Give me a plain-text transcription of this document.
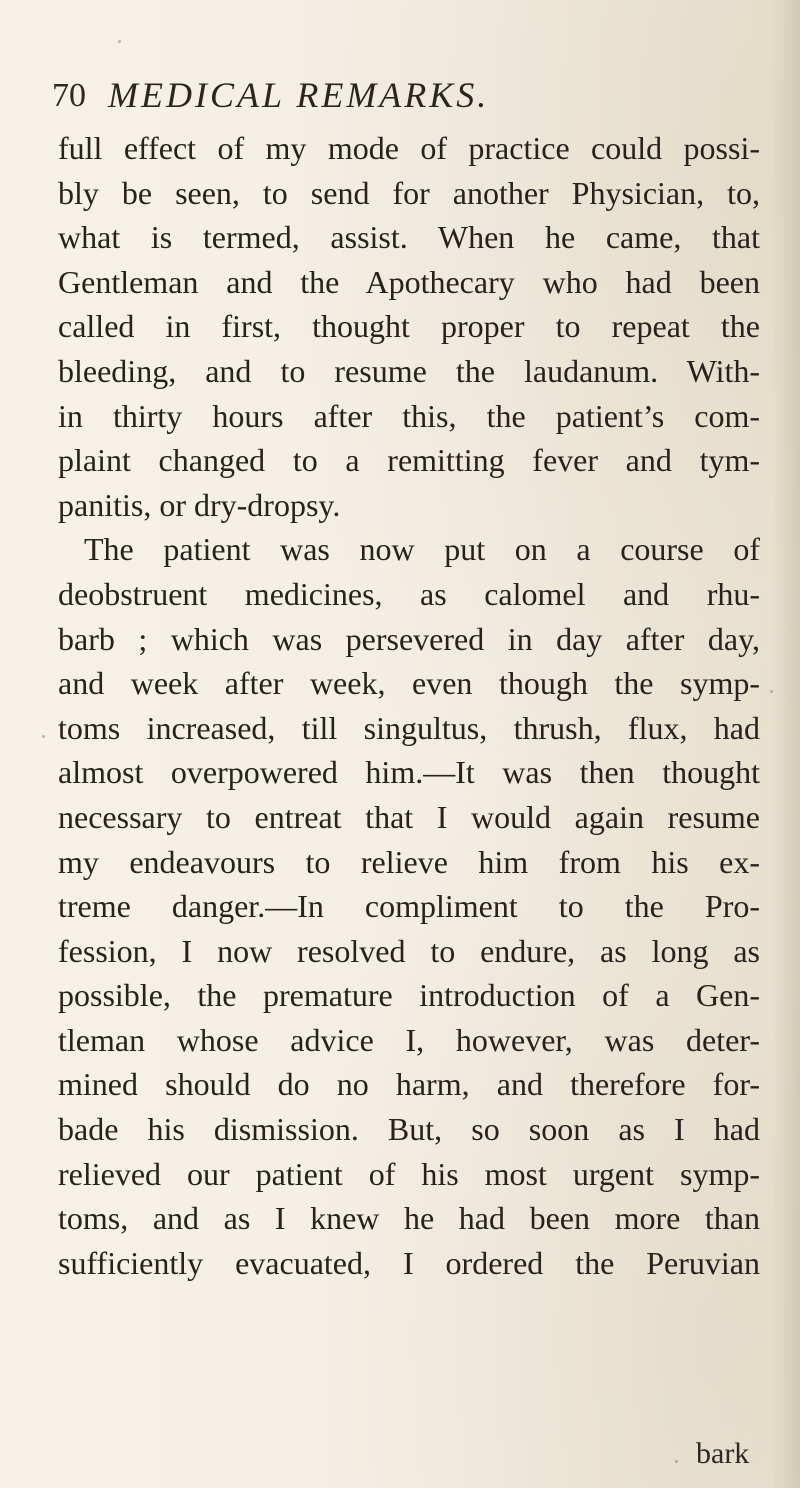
70 MEDICAL REMARKS.
full effect of my mode of practice could possi-
bly be seen, to send for another Physician, to,
what is termed, assist. When he came, that
Gentleman and the Apothecary who had been
called in first, thought proper to repeat the
bleeding, and to resume the laudanum. With-
in thirty hours after this, the patient’s com-
plaint changed to a remitting fever and tym-
panitis, or dry-dropsy.
The patient was now put on a course of
deobstruent medicines, as calomel and rhu-
barb ; which was persevered in day after day,
and week after week, even though the symp-
toms increased, till singultus, thrush, flux, had
almost overpowered him.—It was then thought
necessary to entreat that I would again resume
my endeavours to relieve him from his ex-
treme danger.—In compliment to the Pro-
fession, I now resolved to endure, as long as
possible, the premature introduction of a Gen-
tleman whose advice I, however, was deter-
mined should do no harm, and therefore for-
bade his dismission. But, so soon as I had
relieved our patient of his most urgent symp-
toms, and as I knew he had been more than
sufficiently evacuated, I ordered the Peruvian
bark
